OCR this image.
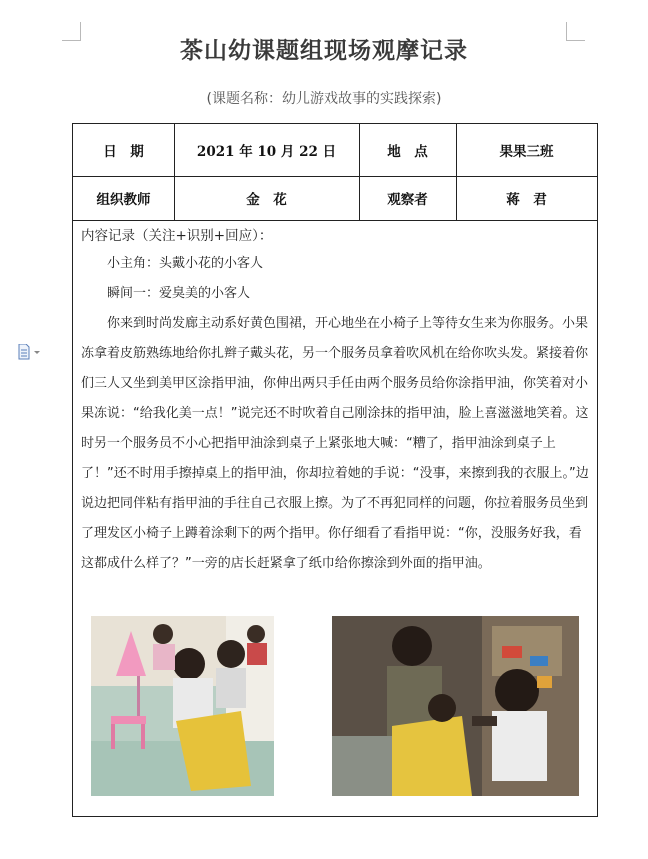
茶山幼课题组现场观摩记录
(课题名称：幼儿游戏故事的实践探索)
日　期	2021 年 10 月 22 日	地　点	果果三班
组织教师	金　花	观察者	蒋　君

内容记录（关注+识别+回应）：

小主角：头戴小花的小客人

瞬间一：爱臭美的小客人

你来到时尚发廊主动系好黄色围裙，开心地坐在小椅子上等待女生来为你服务。小果冻拿着皮筋熟练地给你扎辫子戴头花，另一个服务员拿着吹风机在给你吹头发。紧接着你们三人又坐到美甲区涂指甲油，你伸出两只手任由两个服务员给你涂指甲油，你笑着对小果冻说：“给我化美一点！”说完还不时吹着自己刚涂抹的指甲油，脸上喜滋滋地笑着。这时另一个服务员不小心把指甲油涂到桌子上紧张地大喊：“糟了，指甲油涂到桌子上了！”还不时用手擦掉桌上的指甲油，你却拉着她的手说：“没事，来擦到我的衣服上。”边说边把同伴粘有指甲油的手往自己衣服上擦。为了不再犯同样的问题，你拉着服务员坐到了理发区小椅子上蹲着涂剩下的两个指甲。你仔细看了看指甲说：“你，没服务好我，看这都成什么样了？”一旁的店长赶紧拿了纸巾给你擦涂到外面的指甲油。
